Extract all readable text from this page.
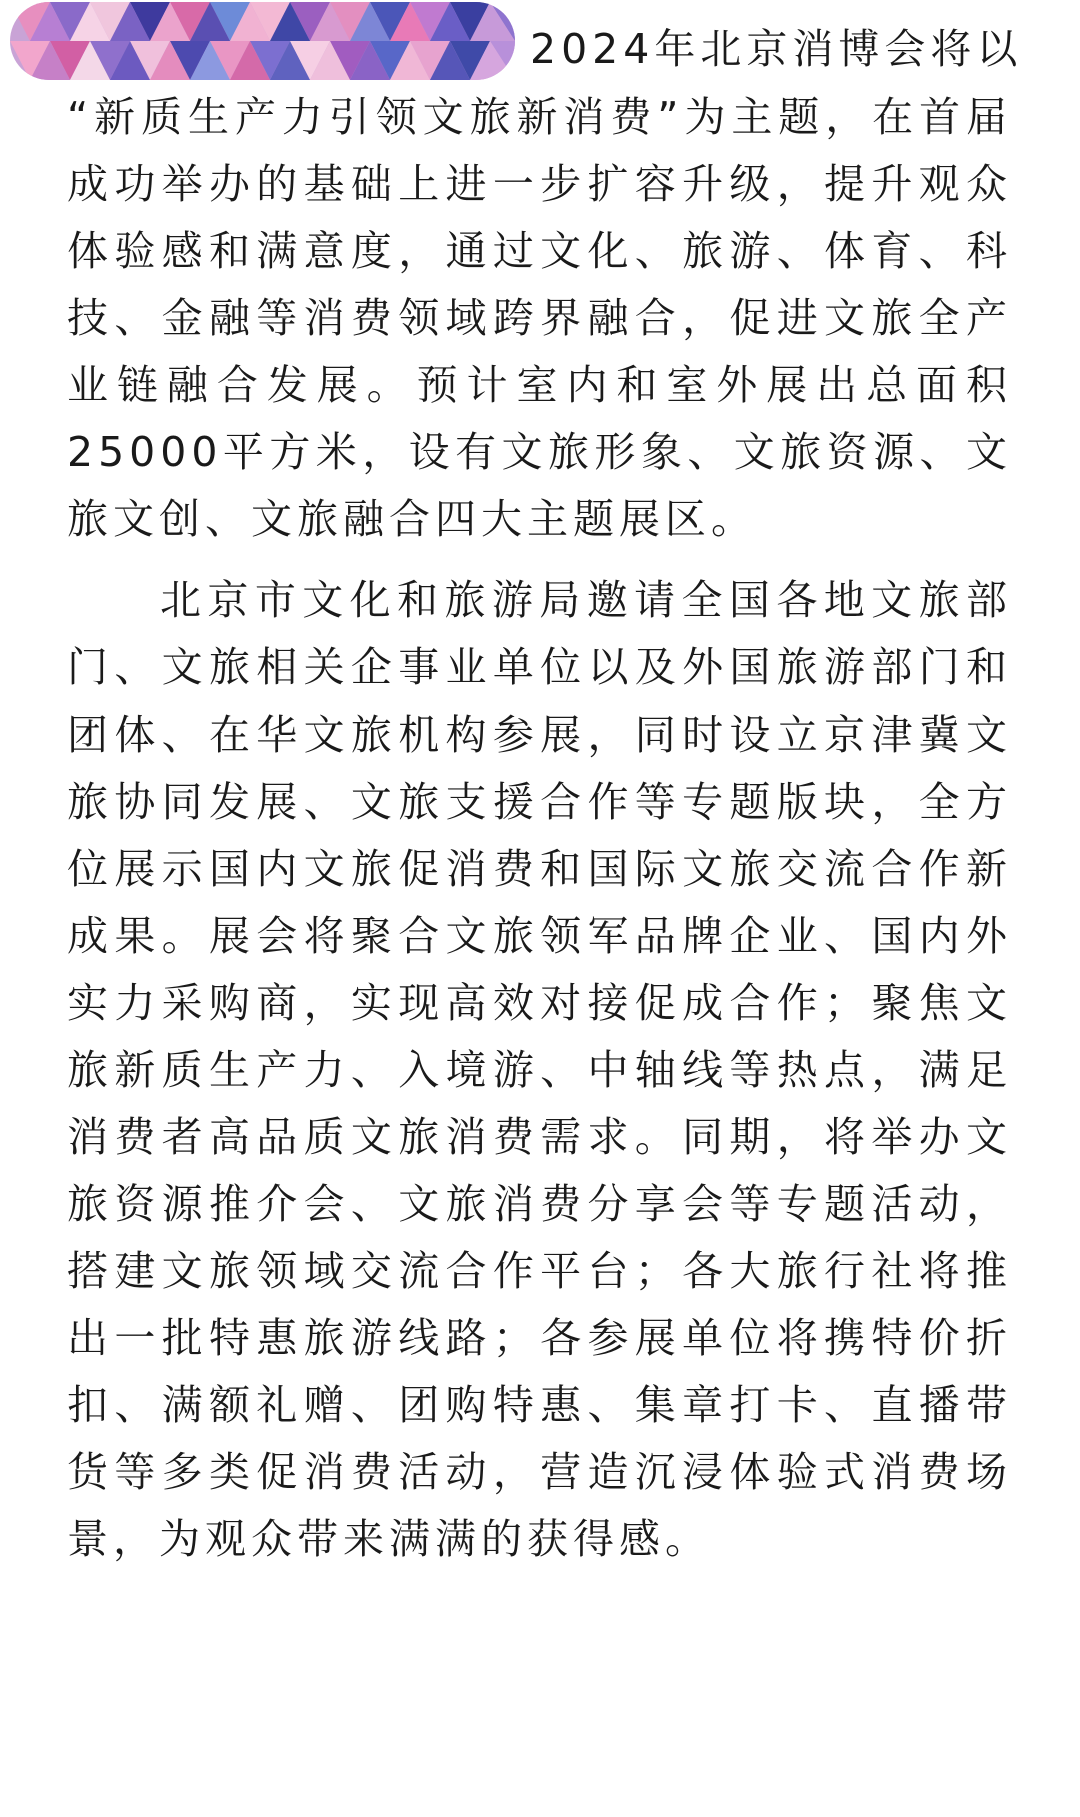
2024年北京消博会将以
“新质生产力引领文旅新消费”为主题，在首届
成功举办的基础上进一步扩容升级，提升观众
体验感和满意度，通过文化、旅游、体育、科
技、金融等消费领域跨界融合，促进文旅全产
业链融合发展。预计室内和室外展出总面积
25000平方米，设有文旅形象、文旅资源、文
旅文创、文旅融合四大主题展区。
北京市文化和旅游局邀请全国各地文旅部
门、文旅相关企事业单位以及外国旅游部门和
团体、在华文旅机构参展，同时设立京津冀文
旅协同发展、文旅支援合作等专题版块，全方
位展示国内文旅促消费和国际文旅交流合作新
成果。展会将聚合文旅领军品牌企业、国内外
实力采购商，实现高效对接促成合作；聚焦文
旅新质生产力、入境游、中轴线等热点，满足
消费者高品质文旅消费需求。同期，将举办文
旅资源推介会、文旅消费分享会等专题活动，
搭建文旅领域交流合作平台；各大旅行社将推
出一批特惠旅游线路；各参展单位将携特价折
扣、满额礼赠、团购特惠、集章打卡、直播带
货等多类促消费活动，营造沉浸体验式消费场
景，为观众带来满满的获得感。
